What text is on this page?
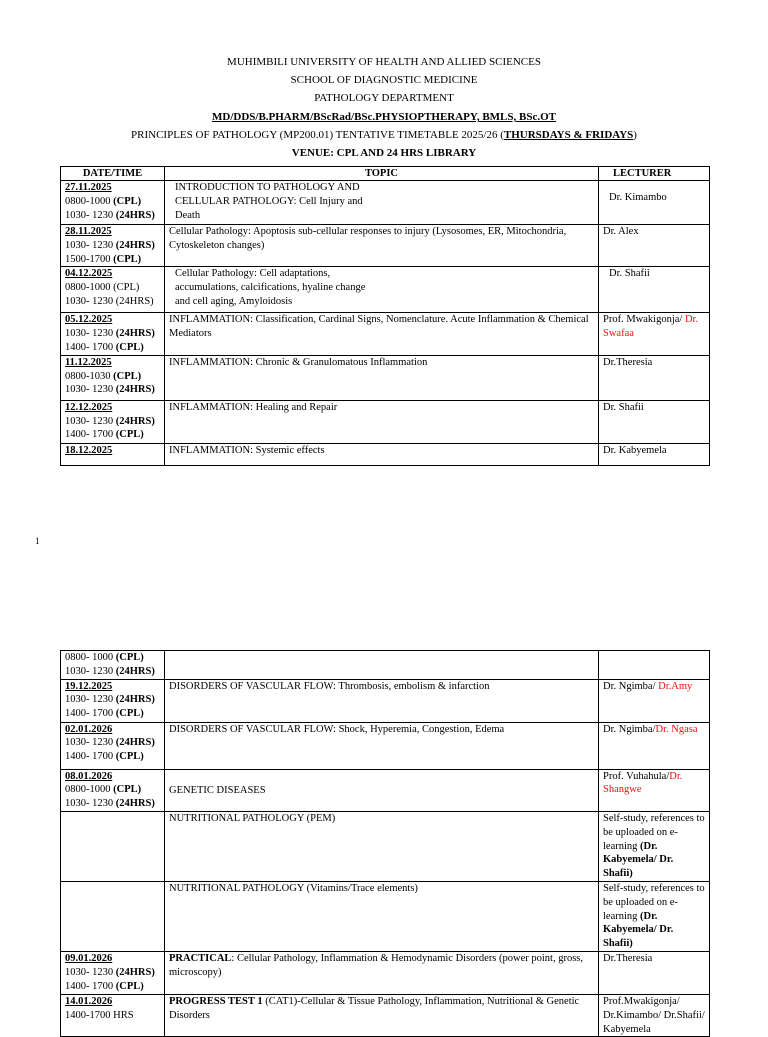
MUHIMBILI UNIVERSITY OF HEALTH AND ALLIED SCIENCES
SCHOOL OF DIAGNOSTIC MEDICINE
PATHOLOGY DEPARTMENT
MD/DDS/B.PHARM/BScRad/BSc.PHYSIOPTHERAPY, BMLS, BSc.OT
PRINCIPLES OF PATHOLOGY (MP200.01) TENTATIVE TIMETABLE 2025/26 (THURSDAYS & FRIDAYS)
VENUE: CPL AND 24 HRS LIBRARY
DATE/TIME	TOPIC	LECTURER

27.11.2025
0800-1000 (CPL)
1030- 1230 (24HRS)	INTRODUCTION TO PATHOLOGY AND
CELLULAR PATHOLOGY: Cell Injury and
Death	Dr. Kimambo

28.11.2025
1030- 1230 (24HRS)
1500-1700 (CPL)	Cellular Pathology: Apoptosis sub-cellular responses to injury (Lysosomes, ER, Mitochondria, Cytoskeleton changes)	Dr. Alex

04.12.2025
0800-1000 (CPL)
1030- 1230 (24HRS)	Cellular Pathology: Cell adaptations,
accumulations, calcifications, hyaline change
and cell aging, Amyloidosis	Dr. Shafii

05.12.2025
1030- 1230 (24HRS)
1400- 1700 (CPL)	INFLAMMATION: Classification, Cardinal Signs, Nomenclature. Acute Inflammation & Chemical Mediators	Prof. Mwakigonja/ Dr. Swafaa

11.12.2025
0800-1030 (CPL)
1030- 1230 (24HRS)	INFLAMMATION: Chronic & Granulomatous Inflammation	Dr.Theresia

12.12.2025
1030- 1230 (24HRS)
1400- 1700 (CPL)	INFLAMMATION: Healing and Repair	Dr. Shafii

18.12.2025	INFLAMMATION: Systemic effects	Dr. Kabyemela
1
0800- 1000 (CPL)
1030- 1230 (24HRS)		

19.12.2025
1030- 1230 (24HRS)
1400- 1700 (CPL)	DISORDERS OF VASCULAR FLOW: Thrombosis, embolism & infarction	Dr. Ngimba/ Dr.Amy

02.01.2026
1030- 1230 (24HRS)
1400- 1700 (CPL)	DISORDERS OF VASCULAR FLOW: Shock, Hyperemia, Congestion, Edema	Dr. Ngimba/Dr. Ngasa

08.01.2026
0800-1000 (CPL)
1030- 1230 (24HRS)	GENETIC DISEASES	Prof. Vuhahula/Dr. Shangwe
	NUTRITIONAL PATHOLOGY (PEM)	Self-study, references to be uploaded on e-learning (Dr. Kabyemela/ Dr. Shafii)
	NUTRITIONAL PATHOLOGY (Vitamins/Trace elements)	Self-study, references to be uploaded on e-learning (Dr. Kabyemela/ Dr. Shafii)

09.01.2026
1030- 1230 (24HRS)
1400- 1700 (CPL)	PRACTICAL: Cellular Pathology, Inflammation & Hemodynamic Disorders (power point, gross, microscopy)	Dr.Theresia

14.01.2026
1400-1700 HRS	PROGRESS TEST 1 (CAT1)-Cellular & Tissue Pathology, Inflammation, Nutritional & Genetic Disorders	Prof.Mwakigonja/ Dr.Kimambo/ Dr.Shafii/ Kabyemela
